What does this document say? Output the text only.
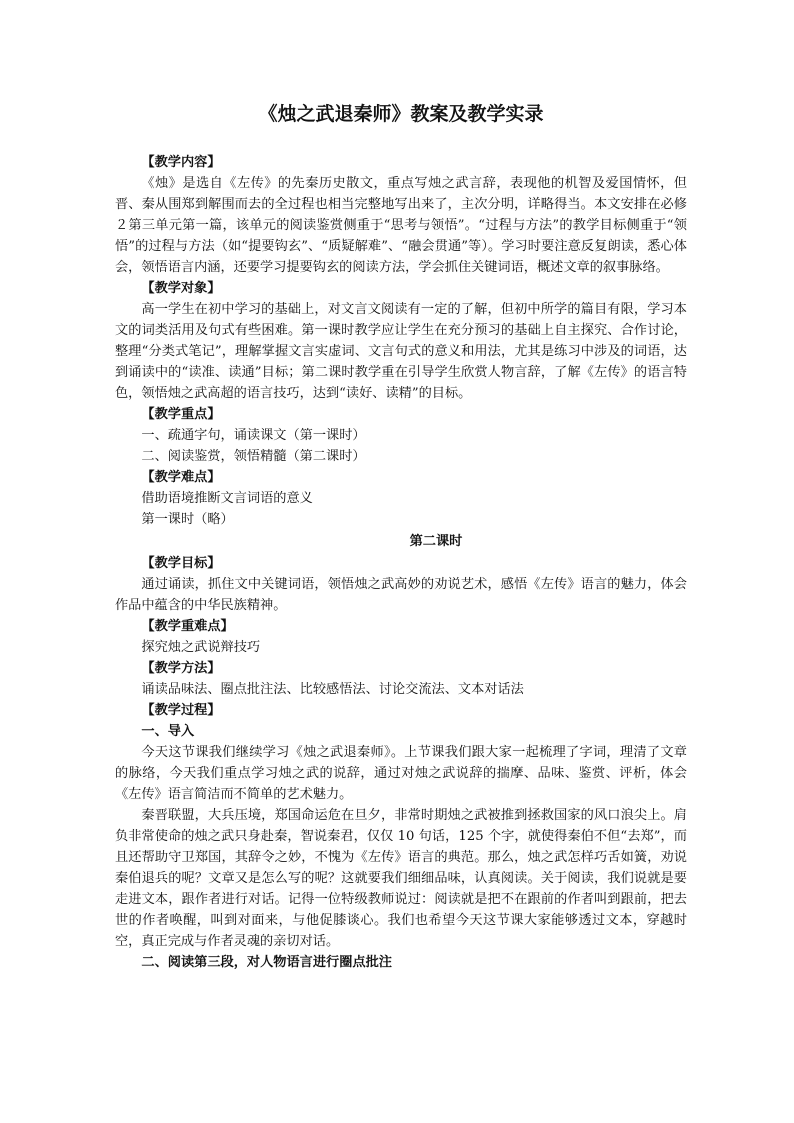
《烛之武退秦师》教案及教学实录

【教学内容】

《烛》是选自《左传》的先秦历史散文，重点写烛之武言辞，表现他的机智及爱国情怀，但晋、秦从围郑到解围而去的全过程也相当完整地写出来了，主次分明，详略得当。本文安排在必修２第三单元第一篇，该单元的阅读鉴赏侧重于“思考与领悟”。“过程与方法”的教学目标侧重于“领悟”的过程与方法（如“提要钩玄”、“质疑解难”、“融会贯通”等）。学习时要注意反复朗读，悉心体会，领悟语言内涵，还要学习提要钩玄的阅读方法，学会抓住关键词语，概述文章的叙事脉络。

【教学对象】

高一学生在初中学习的基础上，对文言文阅读有一定的了解，但初中所学的篇目有限，学习本文的词类活用及句式有些困难。第一课时教学应让学生在充分预习的基础上自主探究、合作讨论，整理“分类式笔记”，理解掌握文言实虚词、文言句式的意义和用法，尤其是练习中涉及的词语，达到诵读中的“读准、读通”目标；第二课时教学重在引导学生欣赏人物言辞，了解《左传》的语言特色，领悟烛之武高超的语言技巧，达到“读好、读精”的目标。

【教学重点】

一、疏通字句，诵读课文（第一课时）

二、阅读鉴赏，领悟精髓（第二课时）

【教学难点】

借助语境推断文言词语的意义

第一课时（略）

第二课时

【教学目标】

通过诵读，抓住文中关键词语，领悟烛之武高妙的劝说艺术，感悟《左传》语言的魅力，体会作品中蕴含的中华民族精神。

【教学重难点】

探究烛之武说辩技巧

【教学方法】

诵读品味法、圈点批注法、比较感悟法、讨论交流法、文本对话法

【教学过程】

一、导入

今天这节课我们继续学习《烛之武退秦师》。上节课我们跟大家一起梳理了字词，理清了文章的脉络，今天我们重点学习烛之武的说辞，通过对烛之武说辞的揣摩、品味、鉴赏、评析，体会《左传》语言简洁而不简单的艺术魅力。

秦晋联盟，大兵压境，郑国命运危在旦夕，非常时期烛之武被推到拯救国家的风口浪尖上。肩负非常使命的烛之武只身赴秦，智说秦君，仅仅 10 句话，125 个字，就使得秦伯不但“去郑”，而且还帮助守卫郑国，其辞令之妙，不愧为《左传》语言的典范。那么，烛之武怎样巧舌如簧，劝说秦伯退兵的呢？文章又是怎么写的呢？这就要我们细细品味，认真阅读。关于阅读，我们说就是要走进文本，跟作者进行对话。记得一位特级教师说过：阅读就是把不在跟前的作者叫到跟前，把去世的作者唤醒，叫到对面来，与他促膝谈心。我们也希望今天这节课大家能够透过文本，穿越时空，真正完成与作者灵魂的亲切对话。

二、阅读第三段，对人物语言进行圈点批注
